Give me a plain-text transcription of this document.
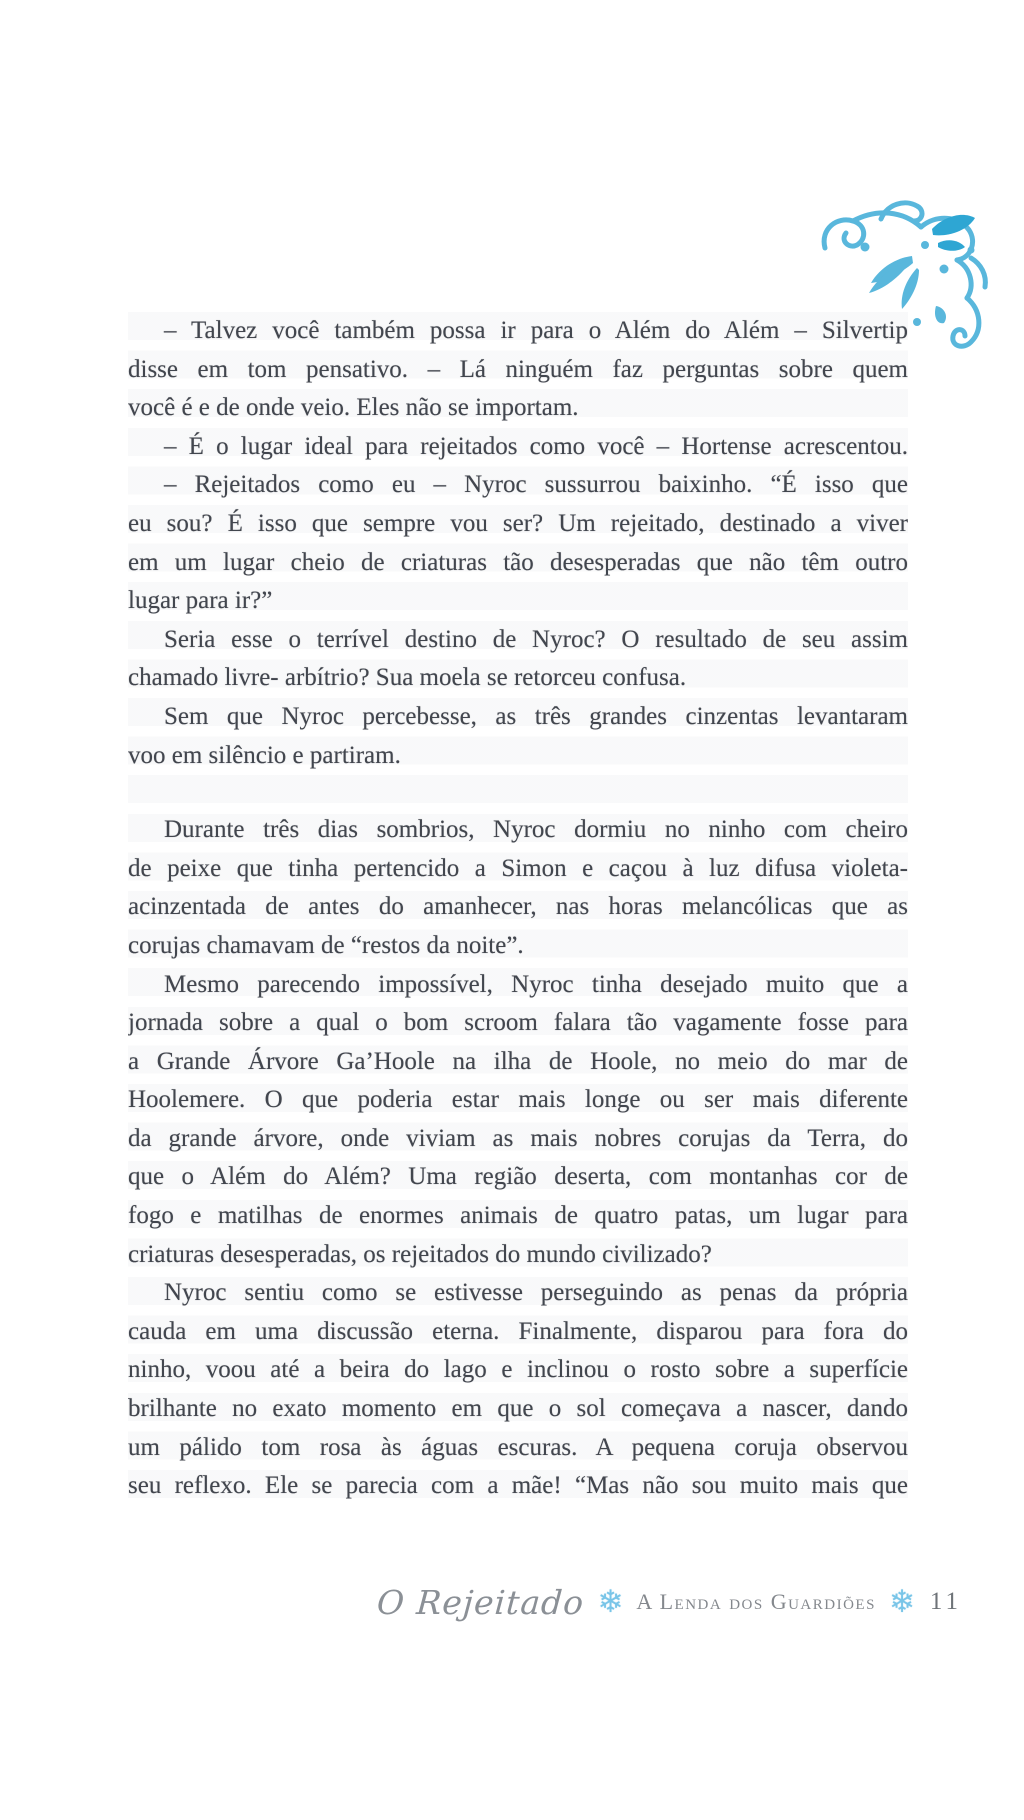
– Talvez você também possa ir para o Além do Além – Silvertip
disse em tom pensativo. – Lá ninguém faz perguntas sobre quem
você é e de onde veio. Eles não se importam.
– É o lugar ideal para rejeitados como você – Hortense acrescentou.
– Rejeitados como eu – Nyroc sussurrou baixinho. “É isso que
eu sou? É isso que sempre vou ser? Um rejeitado, destinado a viver
em um lugar cheio de criaturas tão desesperadas que não têm outro
lugar para ir?”
Seria esse o terrível destino de Nyroc? O resultado de seu assim
chamado livre- arbítrio? Sua moela se retorceu confusa.
Sem que Nyroc percebesse, as três grandes cinzentas levantaram
voo em silêncio e partiram.
Durante três dias sombrios, Nyroc dormiu no ninho com cheiro
de peixe que tinha pertencido a Simon e caçou à luz difusa violeta-
acinzentada de antes do amanhecer, nas horas melancólicas que as
corujas chamavam de “restos da noite”.
Mesmo parecendo impossível, Nyroc tinha desejado muito que a
jornada sobre a qual o bom scroom falara tão vagamente fosse para
a Grande Árvore Ga’Hoole na ilha de Hoole, no meio do mar de
Hoolemere. O que poderia estar mais longe ou ser mais diferente
da grande árvore, onde viviam as mais nobres corujas da Terra, do
que o Além do Além? Uma região deserta, com montanhas cor de
fogo e matilhas de enormes animais de quatro patas, um lugar para
criaturas desesperadas, os rejeitados do mundo civilizado?
Nyroc sentiu como se estivesse perseguindo as penas da própria
cauda em uma discussão eterna. Finalmente, disparou para fora do
ninho, voou até a beira do lago e inclinou o rosto sobre a superfície
brilhante no exato momento em que o sol começava a nascer, dando
um pálido tom rosa às águas escuras. A pequena coruja observou
seu reflexo. Ele se parecia com a mãe! “Mas não sou muito mais que
O Rejeitado ❄ A Lenda dos Guardiões ❄ 11
